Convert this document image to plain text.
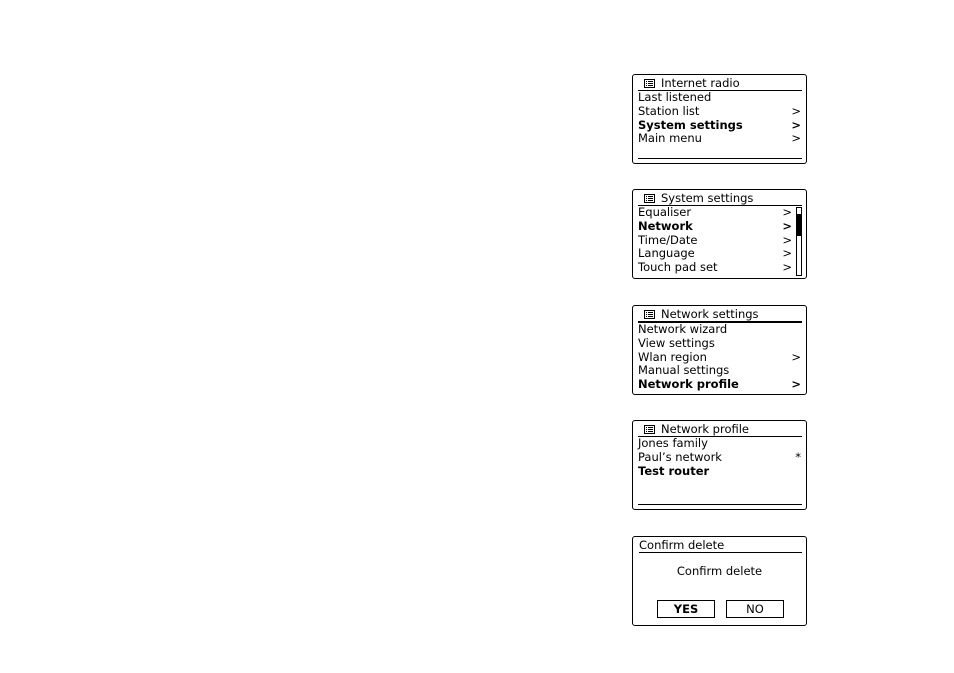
Internet radio
Last listened
Station list	>
System settings	>
Main menu	>
System settings
Equaliser	>
Network	>
Time/Date	>
Language	>
Touch pad set	>
Network settings
Network wizard
View settings
Wlan region	>
Manual settings
Network profile	>
Network profile
Jones family
Paul’s network	*
Test router
Confirm delete
Confirm delete
YES	NO
